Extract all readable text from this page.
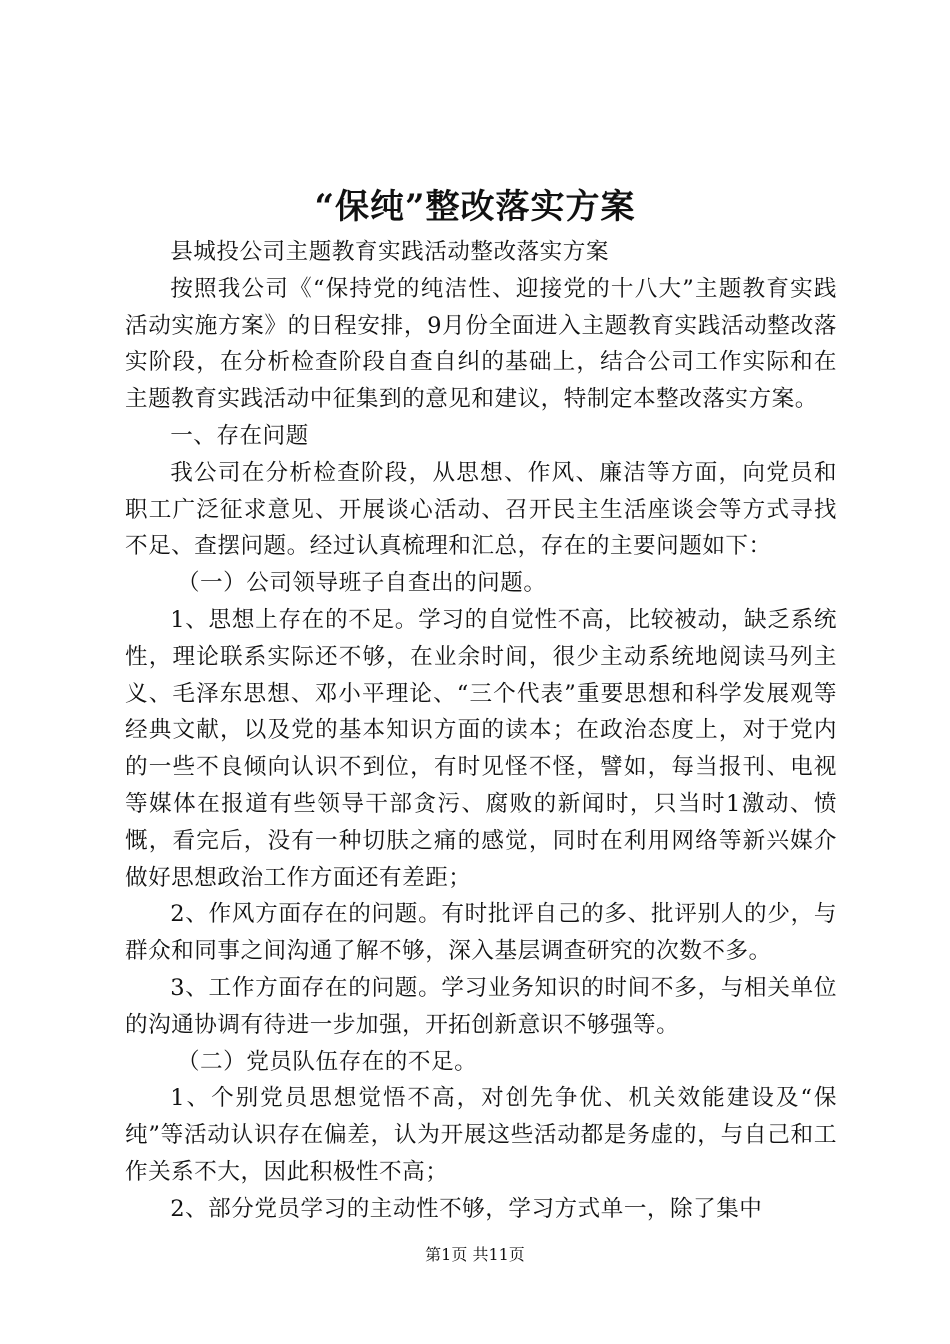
“保纯”整改落实方案

县城投公司主题教育实践活动整改落实方案

按照我公司《“保持党的纯洁性、迎接党的十八大”主题教育实践活动实施方案》的日程安排，9月份全面进入主题教育实践活动整改落实阶段，在分析检查阶段自查自纠的基础上，结合公司工作实际和在主题教育实践活动中征集到的意见和建议，特制定本整改落实方案。

一、存在问题

我公司在分析检查阶段，从思想、作风、廉洁等方面，向党员和职工广泛征求意见、开展谈心活动、召开民主生活座谈会等方式寻找不足、查摆问题。经过认真梳理和汇总，存在的主要问题如下：

（一）公司领导班子自查出的问题。

1、思想上存在的不足。学习的自觉性不高，比较被动，缺乏系统性，理论联系实际还不够，在业余时间，很少主动系统地阅读马列主义、毛泽东思想、邓小平理论、“三个代表”重要思想和科学发展观等经典文献，以及党的基本知识方面的读本；在政治态度上，对于党内的一些不良倾向认识不到位，有时见怪不怪，譬如，每当报刊、电视等媒体在报道有些领导干部贪污、腐败的新闻时，只当时1激动、愤慨，看完后，没有一种切肤之痛的感觉，同时在利用网络等新兴媒介做好思想政治工作方面还有差距；

2、作风方面存在的问题。有时批评自己的多、批评别人的少，与群众和同事之间沟通了解不够，深入基层调查研究的次数不多。

3、工作方面存在的问题。学习业务知识的时间不多，与相关单位的沟通协调有待进一步加强，开拓创新意识不够强等。

（二）党员队伍存在的不足。

1、个别党员思想觉悟不高，对创先争优、机关效能建设及“保纯”等活动认识存在偏差，认为开展这些活动都是务虚的，与自己和工作关系不大，因此积极性不高；

2、部分党员学习的主动性不够，学习方式单一，除了集中

第1页 共11页
